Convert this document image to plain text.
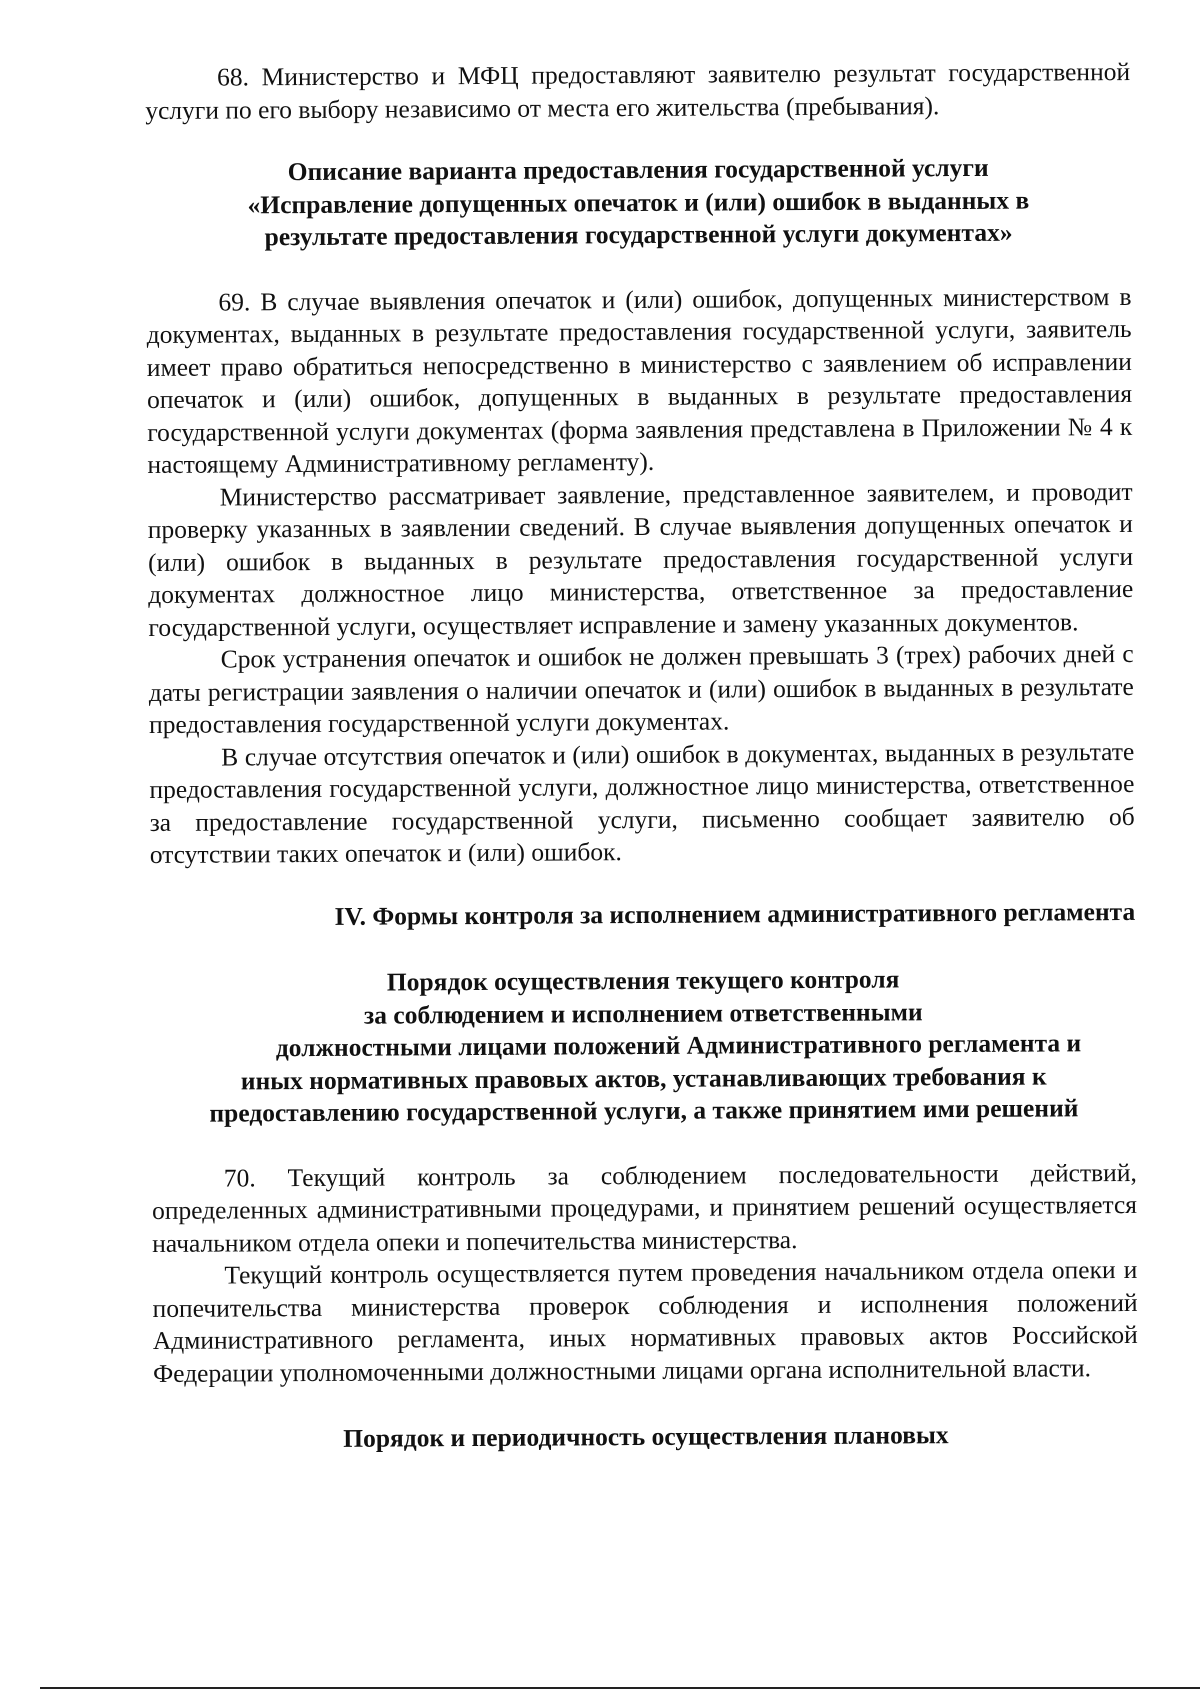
68. Министерство и МФЦ предоставляют заявителю результат государственной услуги по его выбору независимо от места его жительства (пребывания).

Описание варианта предоставления государственной услуги
«Исправление допущенных опечаток и (или) ошибок в выданных в
результате предоставления государственной услуги документах»

69. В случае выявления опечаток и (или) ошибок, допущенных министерством в документах, выданных в результате предоставления государственной услуги, заявитель имеет право обратиться непосредственно в министерство с заявлением об исправлении опечаток и (или) ошибок, допущенных в выданных в результате предоставления государственной услуги документах (форма заявления представлена в Приложении № 4 к настоящему Административному регламенту).

Министерство рассматривает заявление, представленное заявителем, и проводит проверку указанных в заявлении сведений. В случае выявления допущенных опечаток и (или) ошибок в выданных в результате предоставления государственной услуги документах должностное лицо министерства, ответственное за предоставление государственной услуги, осуществляет исправление и замену указанных документов.

Срок устранения опечаток и ошибок не должен превышать 3 (трех) рабочих дней с даты регистрации заявления о наличии опечаток и (или) ошибок в выданных в результате предоставления государственной услуги документах.

В случае отсутствия опечаток и (или) ошибок в документах, выданных в результате предоставления государственной услуги, должностное лицо министерства, ответственное за предоставление государственной услуги, письменно сообщает заявителю об отсутствии таких опечаток и (или) ошибок.

IV. Формы контроля за исполнением административного регламента
Порядок осуществления текущего контроля
за соблюдением и исполнением ответственными
должностными лицами положений Административного регламента и
иных нормативных правовых актов, устанавливающих требования к
предоставлению государственной услуги, а также принятием ими решений

70. Текущий контроль за соблюдением последовательности действий, определенных административными процедурами, и принятием решений осуществляется начальником отдела опеки и попечительства министерства.

Текущий контроль осуществляется путем проведения начальником отдела опеки и попечительства министерства проверок соблюдения и исполнения положений Административного регламента, иных нормативных правовых актов Российской Федерации уполномоченными должностными лицами органа исполнительной власти.

Порядок и периодичность осуществления плановых
